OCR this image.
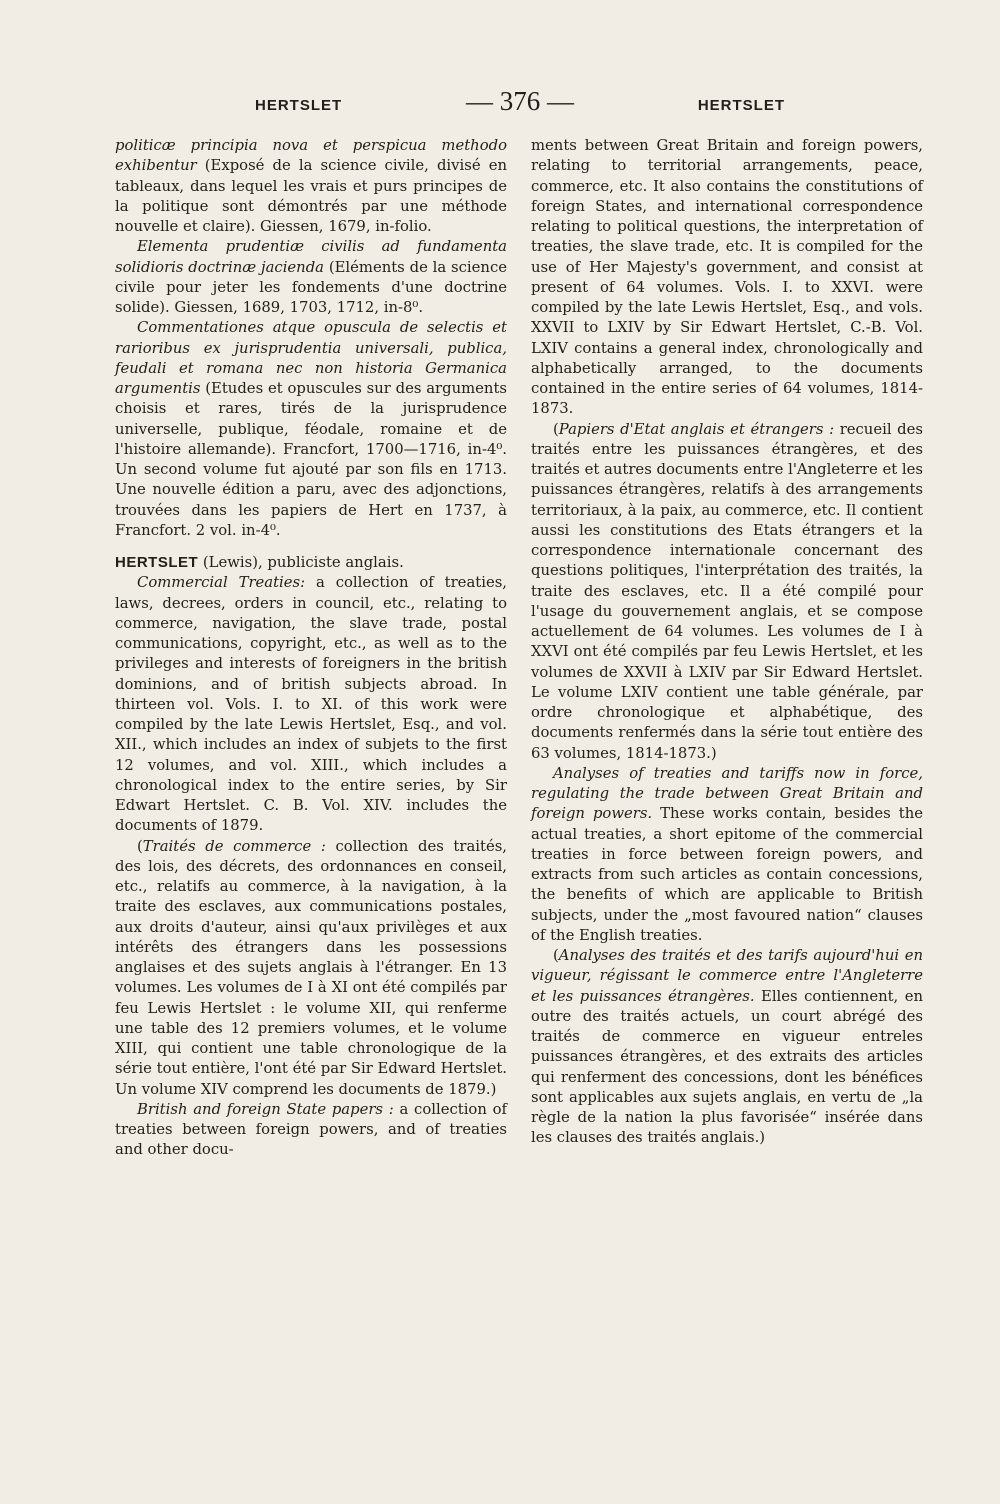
HERTSLET	— 376 —	HERTSLET

politicæ principia nova et perspicua methodo exhibentur (Exposé de la science civile, divisé en tableaux, dans lequel les vrais et purs principes de la politique sont démontrés par une méthode nouvelle et claire). Giessen, 1679, in-folio.

Elementa prudentiæ civilis ad fundamenta solidioris doctrinæ jacienda (Eléments de la science civile pour jeter les fondements d'une doctrine solide). Giessen, 1689, 1703, 1712, in-8⁰.

Commentationes atque opuscula de selectis et rarioribus ex jurisprudentia universali, publica, feudali et romana nec non historia Germanica argumentis (Etudes et opuscules sur des arguments choisis et rares, tirés de la jurisprudence universelle, publique, féodale, romaine et de l'histoire allemande). Francfort, 1700—1716, in-4⁰. Un second volume fut ajouté par son fils en 1713. Une nouvelle édition a paru, avec des adjonctions, trouvées dans les papiers de Hert en 1737, à Francfort. 2 vol. in-4⁰.

HERTSLET (Lewis), publiciste anglais.

Commercial Treaties: a collection of treaties, laws, decrees, orders in council, etc., relating to commerce, navigation, the slave trade, postal communications, copyright, etc., as well as to the privileges and interests of foreigners in the british dominions, and of british subjects abroad. In thirteen vol. Vols. I. to XI. of this work were compiled by the late Lewis Hertslet, Esq., and vol. XII., which includes an index of subjets to the first 12 volumes, and vol. XIII., which includes a chronological index to the entire series, by Sir Edwart Hertslet. C. B. Vol. XIV. includes the documents of 1879.

(Traités de commerce : collection des traités, des lois, des décrets, des ordonnances en conseil, etc., relatifs au commerce, à la navigation, à la traite des esclaves, aux communications postales, aux droits d'auteur, ainsi qu'aux privilèges et aux intérêts des étrangers dans les possessions anglaises et des sujets anglais à l'étranger. En 13 volumes. Les volumes de I à XI ont été compilés par feu Lewis Hertslet : le volume XII, qui renferme une table des 12 premiers volumes, et le volume XIII, qui contient une table chronologique de la série tout entière, l'ont été par Sir Edward Hertslet. Un volume XIV comprend les documents de 1879.)

British and foreign State papers : a collection of treaties between foreign powers, and of treaties and other docu-

ments between Great Britain and foreign powers, relating to territorial arrangements, peace, commerce, etc. It also contains the constitutions of foreign States, and international correspondence relating to political questions, the interpretation of treaties, the slave trade, etc. It is compiled for the use of Her Majesty's government, and consist at present of 64 volumes. Vols. I. to XXVI. were compiled by the late Lewis Hertslet, Esq., and vols. XXVII to LXIV by Sir Edwart Hertslet, C.-B. Vol. LXIV contains a general index, chronologically and alphabetically arranged, to the documents contained in the entire series of 64 volumes, 1814-1873.

(Papiers d'Etat anglais et étrangers : recueil des traités entre les puissances étrangères, et des traités et autres documents entre l'Angleterre et les puissances étrangères, relatifs à des arrangements territoriaux, à la paix, au commerce, etc. Il contient aussi les constitutions des Etats étrangers et la correspondence internationale concernant des questions politiques, l'interprétation des traités, la traite des esclaves, etc. Il a été compilé pour l'usage du gouvernement anglais, et se compose actuellement de 64 volumes. Les volumes de I à XXVI ont été compilés par feu Lewis Hertslet, et les volumes de XXVII à LXIV par Sir Edward Hertslet. Le volume LXIV contient une table générale, par ordre chronologique et alphabétique, des documents renfermés dans la série tout entière des 63 volumes, 1814-1873.)

Analyses of treaties and tariffs now in force, regulating the trade between Great Britain and foreign powers. These works contain, besides the actual treaties, a short epitome of the commercial treaties in force between foreign powers, and extracts from such articles as contain concessions, the benefits of which are applicable to British subjects, under the „most favoured nation“ clauses of the English treaties.

(Analyses des traités et des tarifs aujourd'hui en vigueur, régissant le commerce entre l'Angleterre et les puissances étrangères. Elles contiennent, en outre des traités actuels, un court abrégé des traités de commerce en vigueur entreles puissances étrangères, et des extraits des articles qui renferment des concessions, dont les bénéfices sont applicables aux sujets anglais, en vertu de „la règle de la nation la plus favorisée“ insérée dans les clauses des traités anglais.)
